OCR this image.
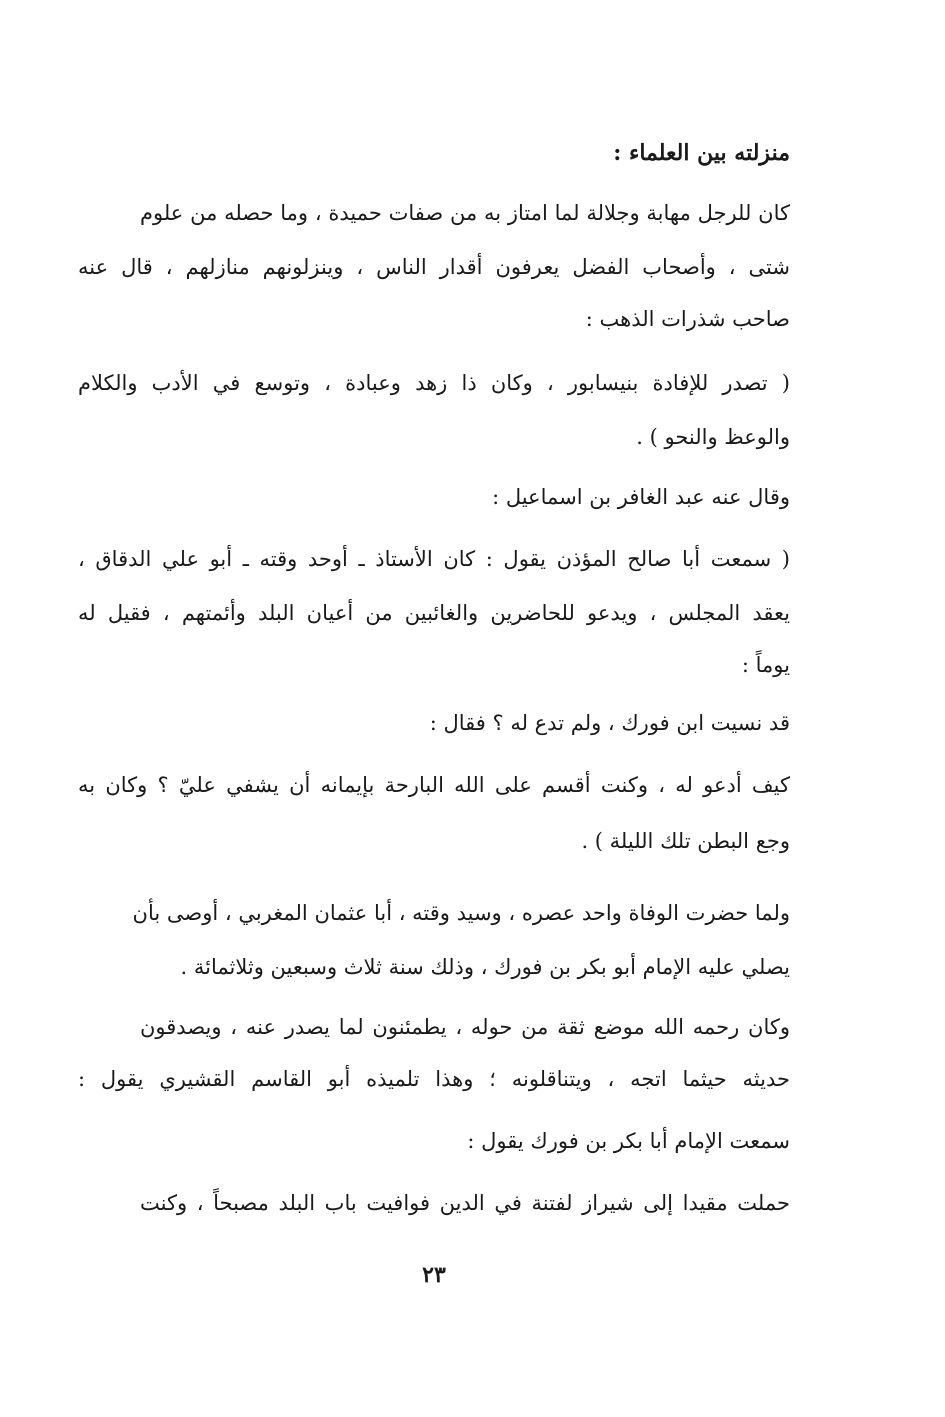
منزلته بين العلماء :
كان للرجل مهابة وجلالة لما امتاز به من صفات حميدة ، وما حصله من علوم
شتى ، وأصحاب الفضل يعرفون أقدار الناس ، وينزلونهم منازلهم ، قال عنه
صاحب شذرات الذهب :
( تصدر للإفادة بنيسابور ، وكان ذا زهد وعبادة ، وتوسع في الأدب والكلام
والوعظ والنحو ) .
وقال عنه عبد الغافر بن اسماعيل :
( سمعت أبا صالح المؤذن يقول : كان الأستاذ ـ أوحد وقته ـ أبو علي الدقاق ،
يعقد المجلس ، ويدعو للحاضرين والغائبين من أعيان البلد وأئمتهم ، فقيل له
يوماً :
قد نسيت ابن فورك ، ولم تدع له ؟ فقال :
كيف أدعو له ، وكنت أقسم على الله البارحة بإيمانه أن يشفي عليّ ؟ وكان به
وجع البطن تلك الليلة ) .
ولما حضرت الوفاة واحد عصره ، وسيد وقته ، أبا عثمان المغربي ، أوصى بأن
يصلي عليه الإمام أبو بكر بن فورك ، وذلك سنة ثلاث وسبعين وثلاثمائة .
وكان رحمه الله موضع ثقة من حوله ، يطمئنون لما يصدر عنه ، ويصدقون
حديثه حيثما اتجه ، ويتناقلونه ؛ وهذا تلميذه أبو القاسم القشيري يقول :
سمعت الإمام أبا بكر بن فورك يقول :
حملت مقيدا إلى شيراز لفتنة في الدين فوافيت باب البلد مصبحاً ، وكنت
٢٣
